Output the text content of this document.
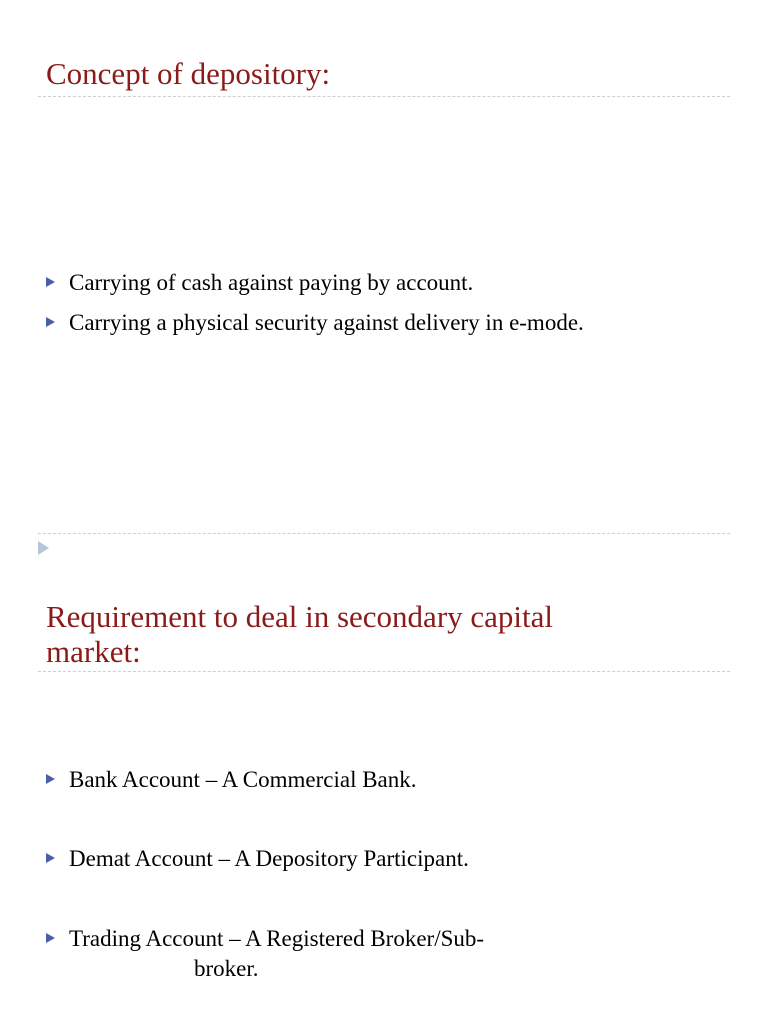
Concept of depository:
Carrying of cash against paying by account.
Carrying a physical security against delivery in e-mode.
Requirement to deal in secondary capital
market:
Bank Account – A Commercial Bank.
Demat Account – A Depository Participant.
Trading Account – A Registered Broker/Sub-
broker.
